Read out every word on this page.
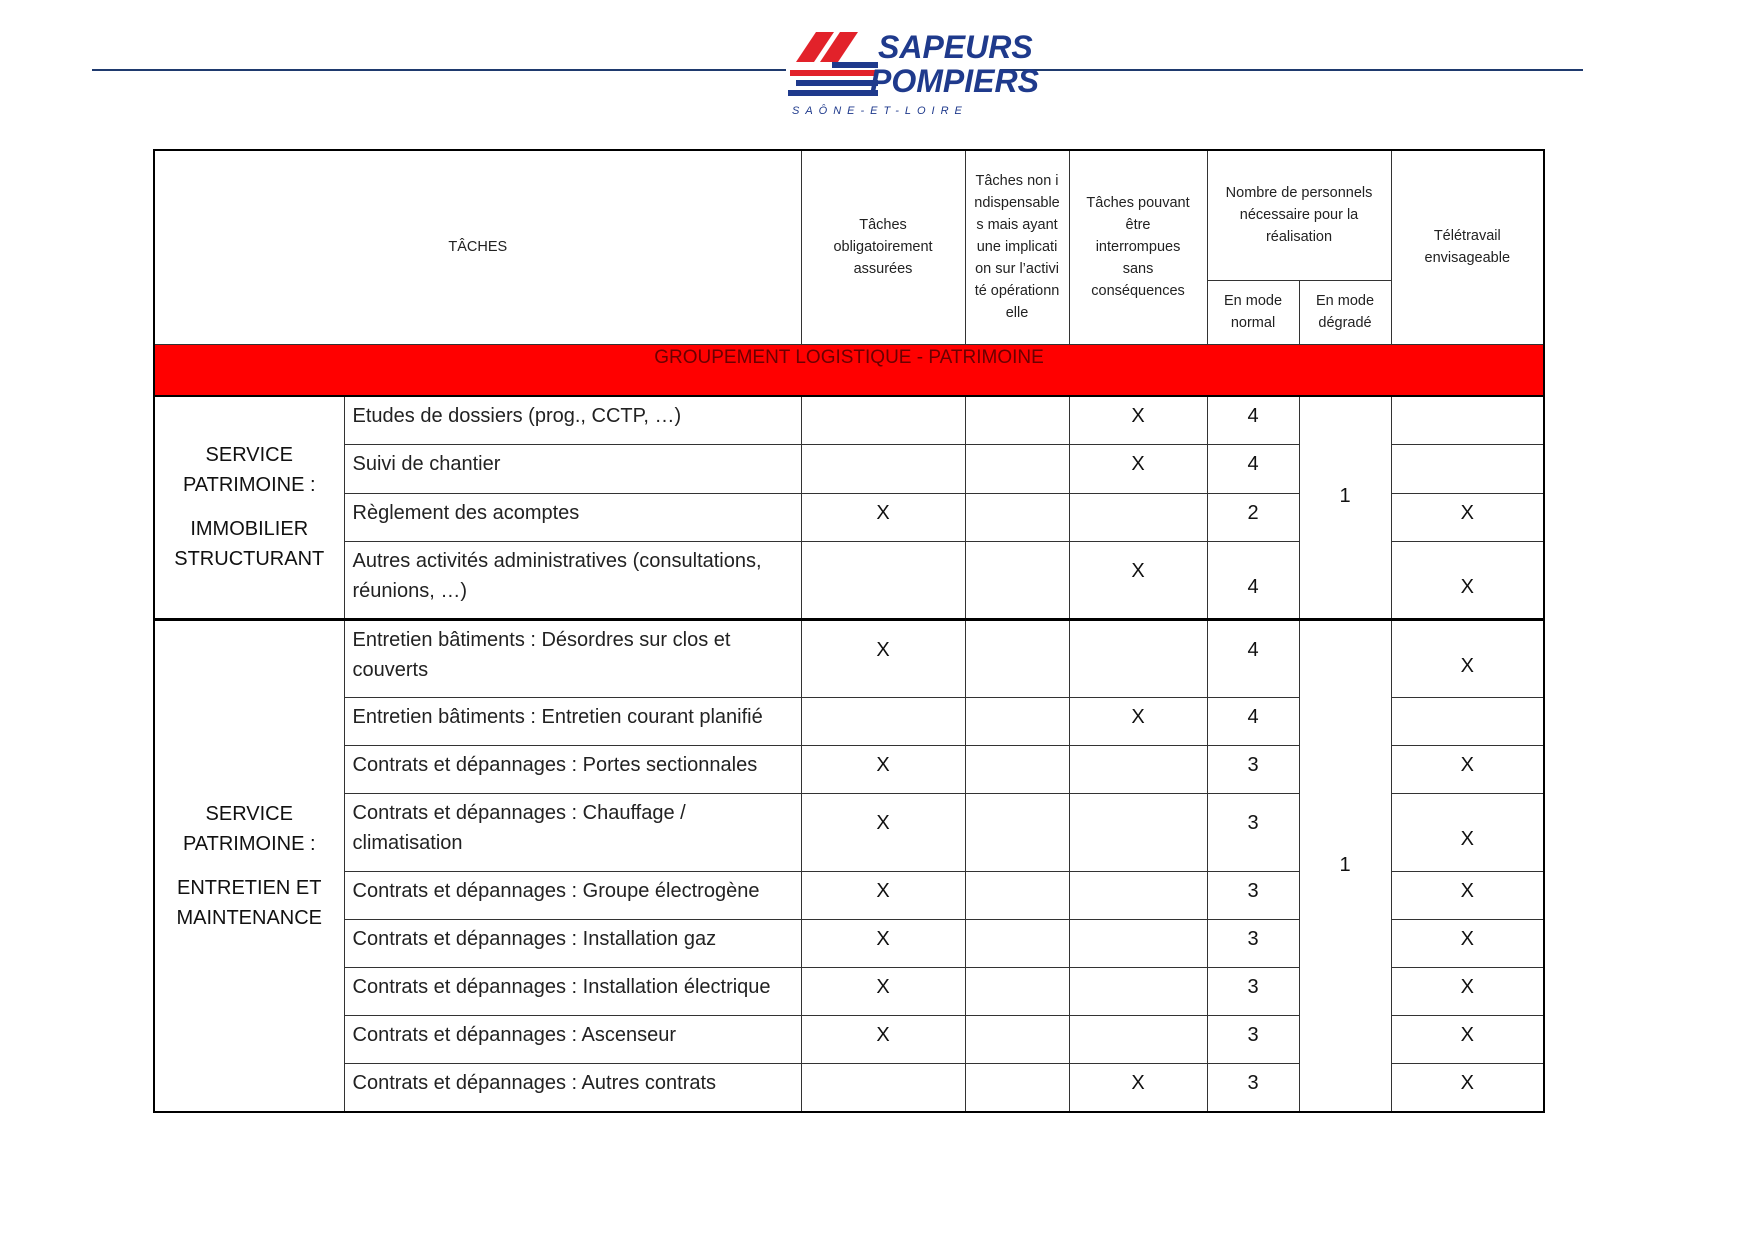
SAPEURS
POMPIERS
SAÔNE-ET-LOIRE
TÂCHES		Tâches obligatoirement assurées	Tâches non indispensables mais ayant une implication sur l’activité opérationnelle	Tâches pouvant être interrompues sans conséquences	Nombre de personnels nécessaire pour la réalisation		Télétravail envisageable
					En mode normal	En mode dégradé	

GROUPEMENT LOGISTIQUE - PATRIMOINE							

SERVICE PATRIMOINE :

IMMOBILIER STRUCTURANT	Etudes de dossiers (prog., CCTP, …)			X	4	1	
	Suivi de chantier			X	4		
	Règlement des acomptes	X			2		X
	Autres activités administratives (consultations, réunions, …)			X	4		X

SERVICE PATRIMOINE :

ENTRETIEN ET MAINTENANCE	Entretien bâtiments : Désordres sur clos et couverts	X			4	1	X
	Entretien bâtiments : Entretien courant planifié			X	4		
	Contrats et dépannages : Portes sectionnales	X			3		X
	Contrats et dépannages : Chauffage / climatisation	X			3		X
	Contrats et dépannages : Groupe électrogène	X			3		X
	Contrats et dépannages : Installation gaz	X			3		X
	Contrats et dépannages : Installation électrique	X			3		X
	Contrats et dépannages : Ascenseur	X			3		X
	Contrats et dépannages : Autres contrats			X	3		X
